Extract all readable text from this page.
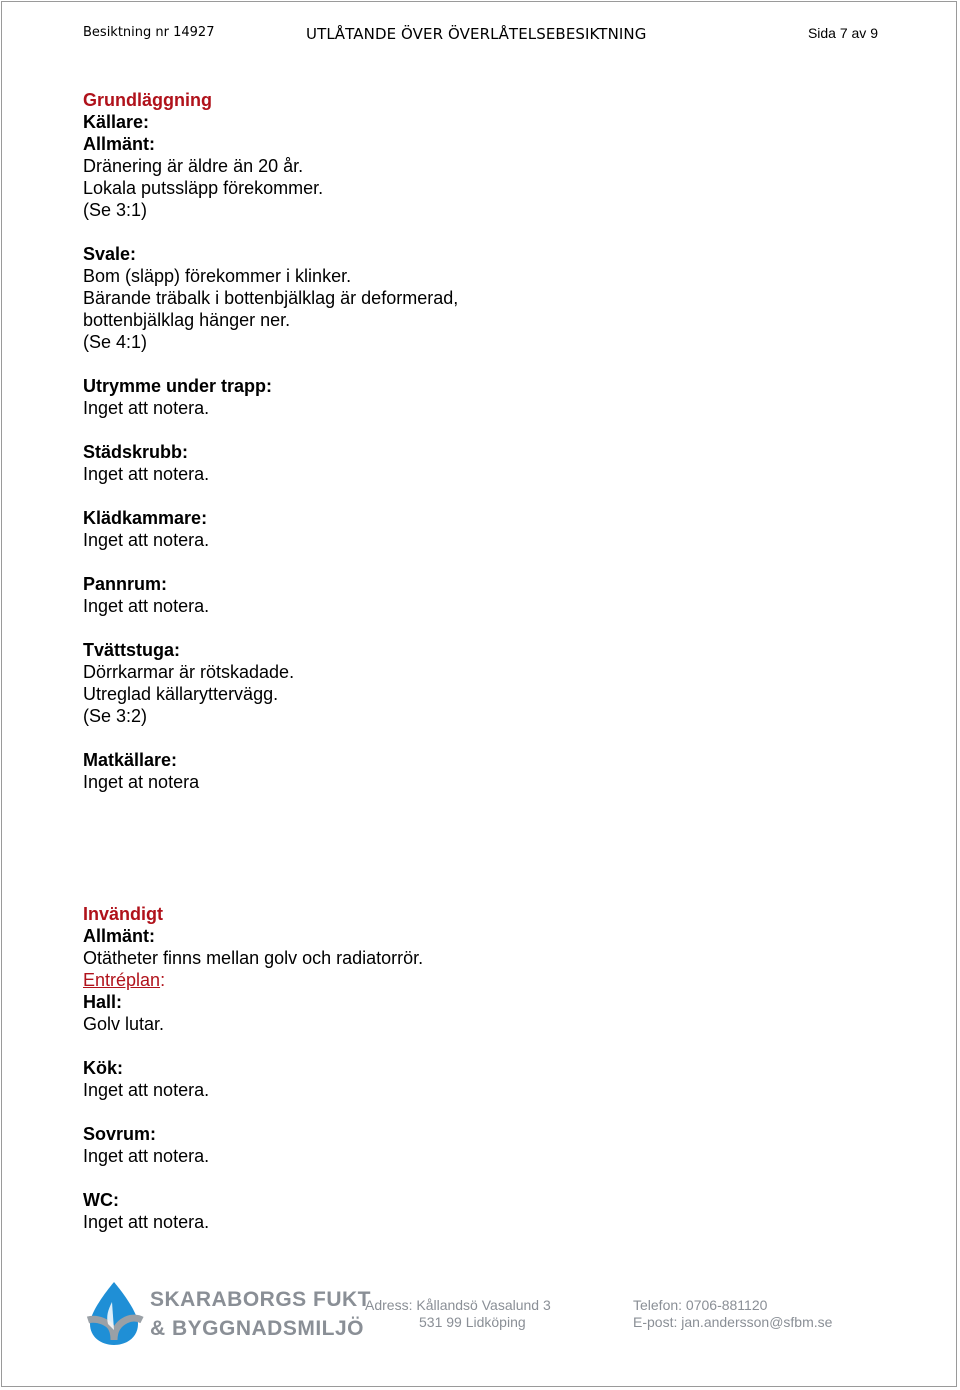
Besiktning nr 14927	UTLÅTANDE ÖVER ÖVERLÅTELSEBESIKTNING	Sida 7 av 9
Grundläggning
Källare:
Allmänt:
Dränering är äldre än 20 år.
Lokala putssläpp förekommer.
(Se 3:1)
Svale:
Bom (släpp) förekommer i klinker.
Bärande träbalk i bottenbjälklag är deformerad,
bottenbjälklag hänger ner.
(Se 4:1)
Utrymme under trapp:
Inget att notera.
Städskrubb:
Inget att notera.
Klädkammare:
Inget att notera.
Pannrum:
Inget att notera.
Tvättstuga:
Dörrkarmar är rötskadade.
Utreglad källaryttervägg.
(Se 3:2)
Matkällare:
Inget at notera
Invändigt
Allmänt:
Otätheter finns mellan golv och radiatorrör.
Entréplan:
Hall:
Golv lutar.
Kök:
Inget att notera.
Sovrum:
Inget att notera.
WC:
Inget att notera.
SKARABORGS FUKT
& BYGGNADSMILJÖ
Adress: Kållandsö Vasalund 3
531 99 Lidköping
Telefon: 0706-881120
E-post: jan.andersson@sfbm.se
